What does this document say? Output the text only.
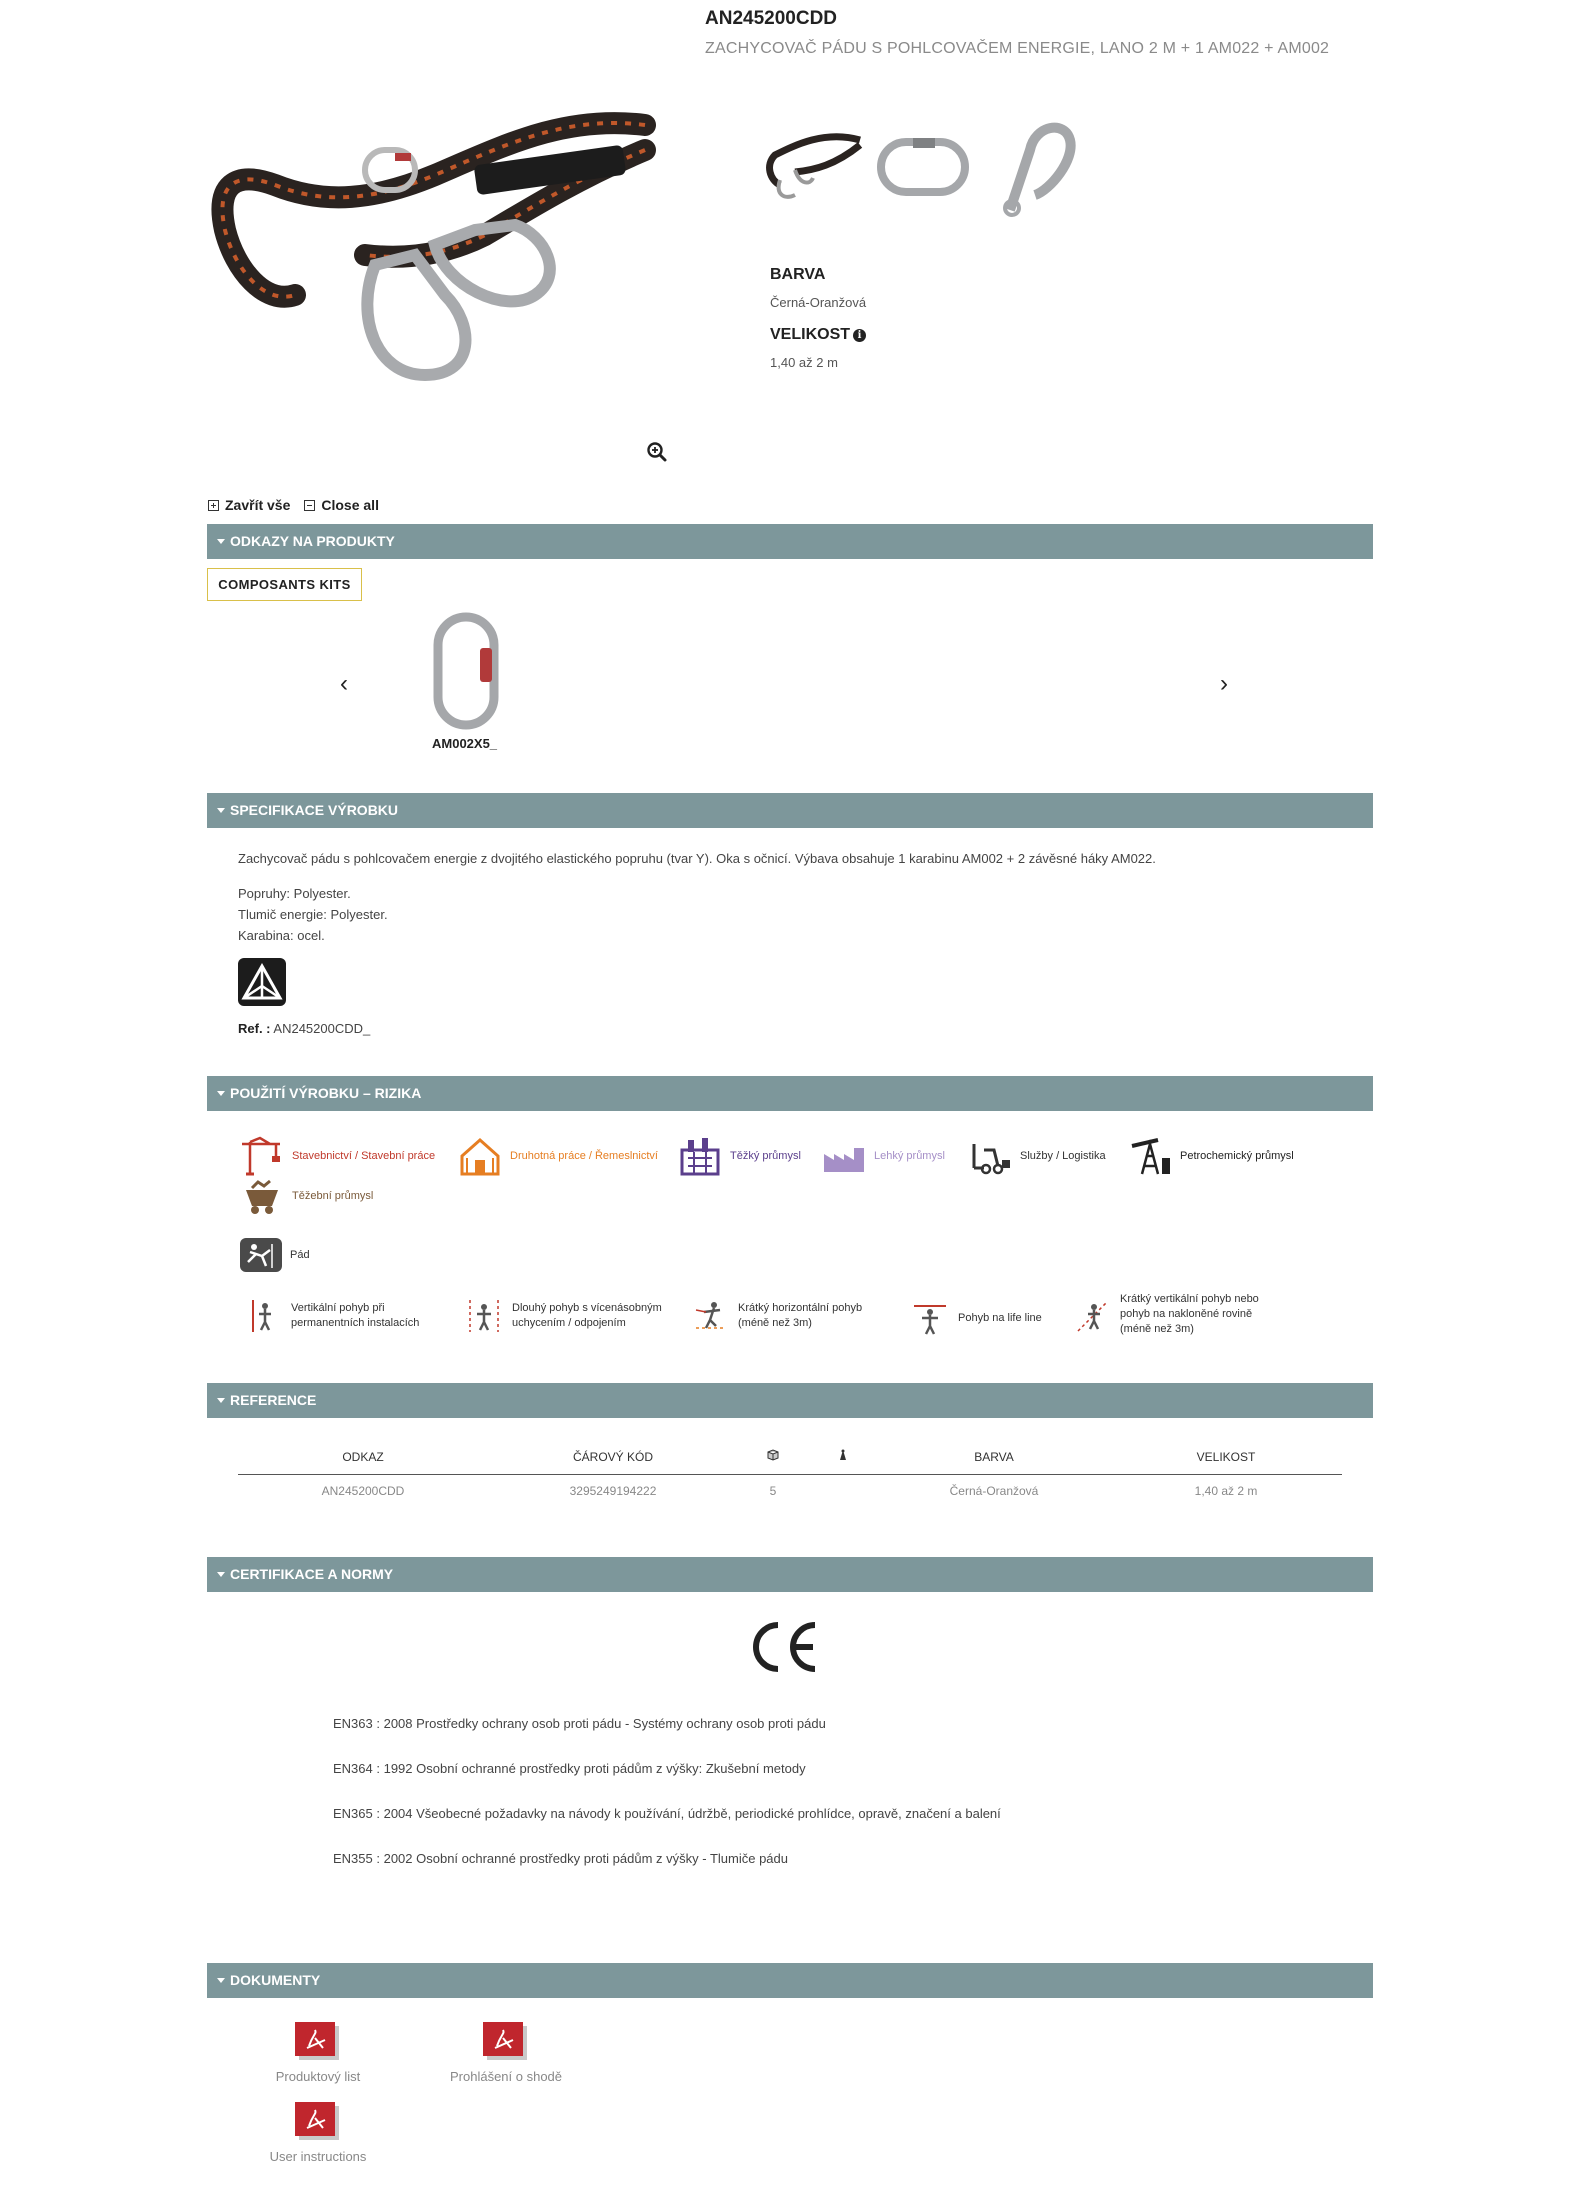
AN245200CDD
ZACHYCOVAČ PÁDU S POHLCOVAČEM ENERGIE, LANO 2 M + 1 AM022 + AM002
BARVA
Černá-Oranžová
VELIKOST i
1,40 až 2 m
Zavřít vše Close all
ODKAZY NA PRODUKTY
COMPOSANTS KITS
‹
AM002X5_
›
SPECIFIKACE VÝROBKU
Zachycovač pádu s pohlcovačem energie z dvojitého elastického popruhu (tvar Y). Oka s očnicí. Výbava obsahuje 1 karabinu AM002 + 2 závěsné háky AM022.
Popruhy: Polyester.
Tlumič energie: Polyester.
Karabina: ocel.
Ref. : AN245200CDD_
POUŽITÍ VÝROBKU – RIZIKA
Stavebnictví / Stavební práce	Druhotná práce / Řemeslnictví	Těžký průmysl	Lehký průmysl	Služby / Logistika	Petrochemický průmysl
Těžební průmysl
Pád
Vertikální pohyb při
permanentních instalacích
Dlouhý pohyb s vícenásobným
uchycením / odpojením
Krátký horizontální pohyb
(méně než 3m)	Pohyb na life line
Krátký vertikální pohyb nebo
pohyb na nakloněné rovině
(méně než 3m)
REFERENCE
ODKAZ	ČÁROVÝ KÓD			BARVA	VELIKOST
AN245200CDD	3295249194222	5		Černá-Oranžová	1,40 až 2 m
CERTIFIKACE A NORMY
EN363 : 2008 Prostředky ochrany osob proti pádu - Systémy ochrany osob proti pádu
EN364 : 1992 Osobní ochranné prostředky proti pádům z výšky: Zkušební metody
EN365 : 2004 Všeobecné požadavky na návody k používání, údržbě, periodické prohlídce, opravě, značení a balení
EN355 : 2002 Osobní ochranné prostředky proti pádům z výšky - Tlumiče pádu
DOKUMENTY
Produktový list	Prohlášení o shodě
User instructions
